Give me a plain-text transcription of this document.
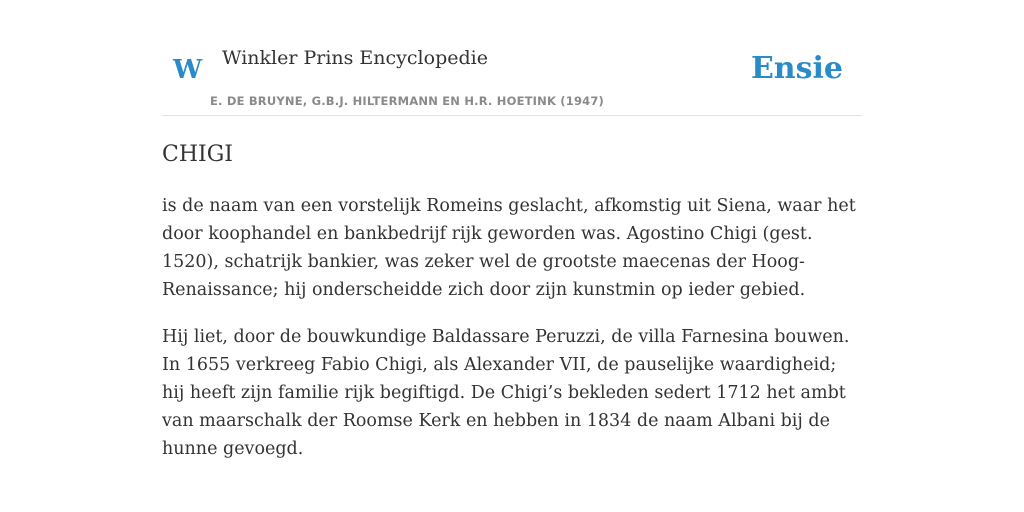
W Winkler Prins Encyclopedie
E. DE BRUYNE, G.B.J. HILTERMANN EN H.R. HOETINK (1947)
Ensie
CHIGI

is de naam van een vorstelijk Romeins geslacht, afkomstig uit Siena, waar het door koophandel en bankbedrijf rijk geworden was. Agostino Chigi (gest. 1520), schatrijk bankier, was zeker wel de grootste maecenas der Hoog-Renaissance; hij onderscheidde zich door zijn kunstmin op ieder gebied.

Hij liet, door de bouwkundige Baldassare Peruzzi, de villa Farnesina bouwen. In 1655 verkreeg Fabio Chigi, als Alexander VII, de pauselijke waardigheid; hij heeft zijn familie rijk begiftigd. De Chigi’s bekleden sedert 1712 het ambt van maarschalk der Roomse Kerk en hebben in 1834 de naam Albani bij de hunne gevoegd.
